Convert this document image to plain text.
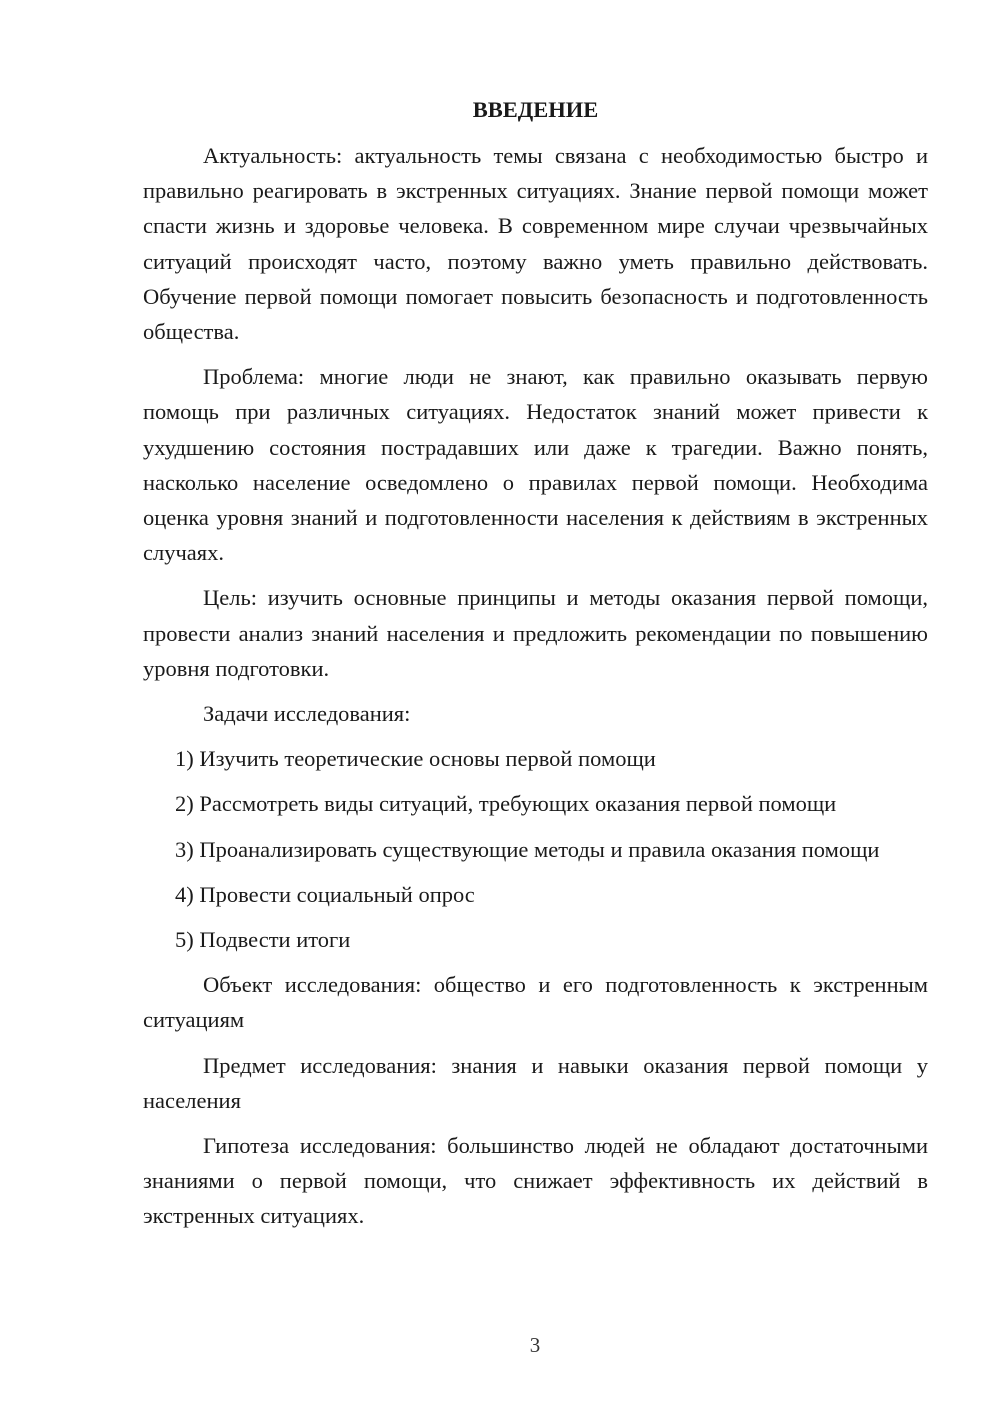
ВВЕДЕНИЕ

Актуальность: актуальность темы связана с необходимостью быстро и правильно реагировать в экстренных ситуациях. Знание первой помощи может спасти жизнь и здоровье человека. В современном мире случаи чрезвычайных ситуаций происходят часто, поэтому важно уметь правильно действовать. Обучение первой помощи помогает повысить безопасность и подготовленность общества.

Проблема: многие люди не знают, как правильно оказывать первую помощь при различных ситуациях. Недостаток знаний может привести к ухудшению состояния пострадавших или даже к трагедии. Важно понять, насколько население осведомлено о правилах первой помощи. Необходима оценка уровня знаний и подготовленности населения к действиям в экстренных случаях.

Цель: изучить основные принципы и методы оказания первой помощи, провести анализ знаний населения и предложить рекомендации по повышению уровня подготовки.

Задачи исследования:

1) Изучить теоретические основы первой помощи

2) Рассмотреть виды ситуаций, требующих оказания первой помощи

3) Проанализировать существующие методы и правила оказания помощи

4) Провести социальный опрос

5) Подвести итоги

Объект исследования: общество и его подготовленность к экстренным ситуациям

Предмет исследования: знания и навыки оказания первой помощи у населения

Гипотеза исследования: большинство людей не обладают достаточными знаниями о первой помощи, что снижает эффективность их действий в экстренных ситуациях.

3
